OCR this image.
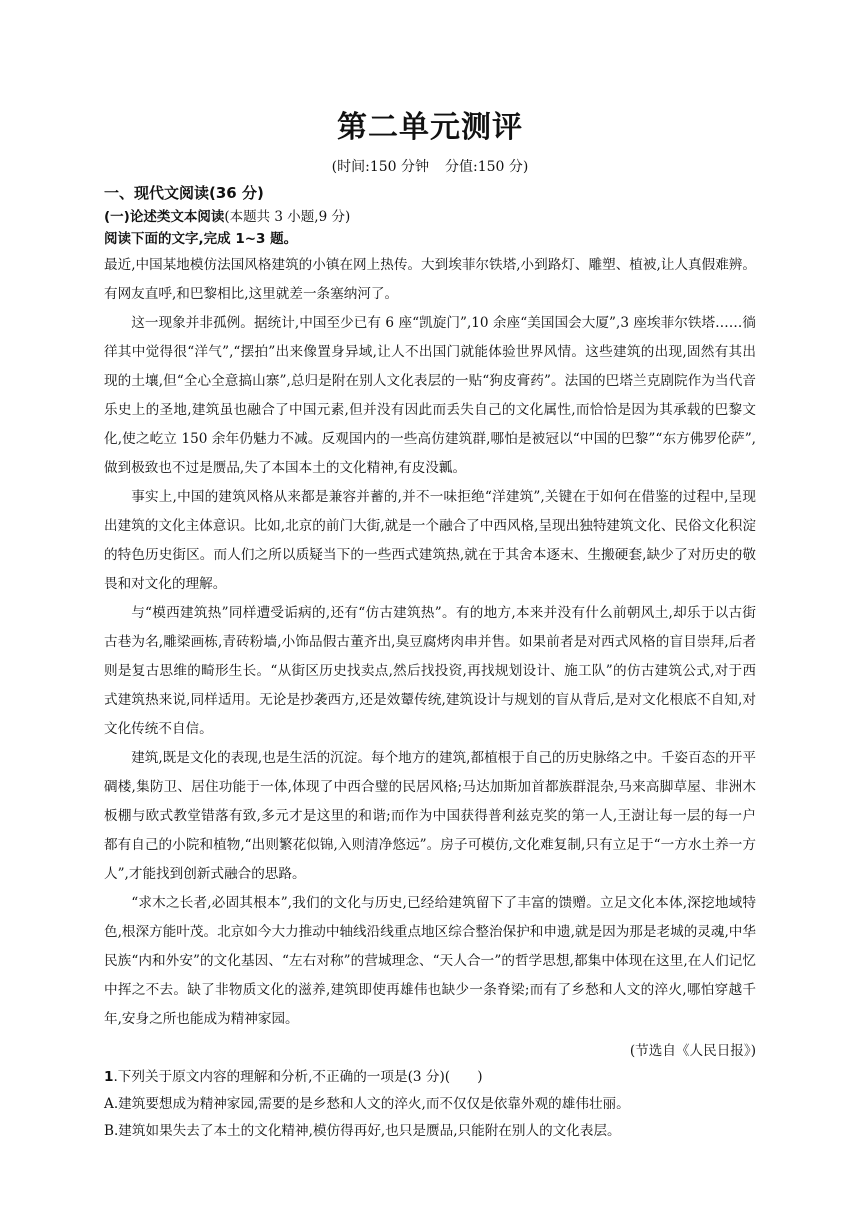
第二单元测评
(时间:150 分钟 分值:150 分)
一、现代文阅读(36 分)
(一)论述类文本阅读(本题共 3 小题,9 分)
阅读下面的文字,完成 1~3 题。

最近,中国某地模仿法国风格建筑的小镇在网上热传。大到埃菲尔铁塔,小到路灯、雕塑、植被,让人真假难辨。有网友直呼,和巴黎相比,这里就差一条塞纳河了。

这一现象并非孤例。据统计,中国至少已有 6 座“凯旋门”,10 余座“美国国会大厦”,3 座埃菲尔铁塔……徜徉其中觉得很“洋气”,“摆拍”出来像置身异域,让人不出国门就能体验世界风情。这些建筑的出现,固然有其出现的土壤,但“全心全意搞山寨”,总归是附在别人文化表层的一贴“狗皮膏药”。法国的巴塔兰克剧院作为当代音乐史上的圣地,建筑虽也融合了中国元素,但并没有因此而丢失自己的文化属性,而恰恰是因为其承载的巴黎文化,使之屹立 150 余年仍魅力不减。反观国内的一些高仿建筑群,哪怕是被冠以“中国的巴黎”“东方佛罗伦萨”,做到极致也不过是赝品,失了本国本土的文化精神,有皮没瓤。

事实上,中国的建筑风格从来都是兼容并蓄的,并不一味拒绝“洋建筑”,关键在于如何在借鉴的过程中,呈现出建筑的文化主体意识。比如,北京的前门大街,就是一个融合了中西风格,呈现出独特建筑文化、民俗文化积淀的特色历史街区。而人们之所以质疑当下的一些西式建筑热,就在于其舍本逐末、生搬硬套,缺少了对历史的敬畏和对文化的理解。

与“模西建筑热”同样遭受诟病的,还有“仿古建筑热”。有的地方,本来并没有什么前朝风土,却乐于以古街古巷为名,雕梁画栋,青砖粉墙,小饰品假古董齐出,臭豆腐烤肉串并售。如果前者是对西式风格的盲目崇拜,后者则是复古思维的畸形生长。“从街区历史找卖点,然后找投资,再找规划设计、施工队”的仿古建筑公式,对于西式建筑热来说,同样适用。无论是抄袭西方,还是效颦传统,建筑设计与规划的盲从背后,是对文化根底不自知,对文化传统不自信。

建筑,既是文化的表现,也是生活的沉淀。每个地方的建筑,都植根于自己的历史脉络之中。千姿百态的开平碉楼,集防卫、居住功能于一体,体现了中西合璧的民居风格;马达加斯加首都族群混杂,马来高脚草屋、非洲木板棚与欧式教堂错落有致,多元才是这里的和谐;而作为中国获得普利兹克奖的第一人,王澍让每一层的每一户都有自己的小院和植物,“出则繁花似锦,入则清净悠远”。房子可模仿,文化难复制,只有立足于“一方水土养一方人”,才能找到创新式融合的思路。

“求木之长者,必固其根本”,我们的文化与历史,已经给建筑留下了丰富的馈赠。立足文化本体,深挖地域特色,根深方能叶茂。北京如今大力推动中轴线沿线重点地区综合整治保护和申遗,就是因为那是老城的灵魂,中华民族“内和外安”的文化基因、“左右对称”的营城理念、“天人合一”的哲学思想,都集中体现在这里,在人们记忆中挥之不去。缺了非物质文化的滋养,建筑即使再雄伟也缺少一条脊梁;而有了乡愁和人文的淬火,哪怕穿越千年,安身之所也能成为精神家园。

(节选自《人民日报》)

1.下列关于原文内容的理解和分析,不正确的一项是(3 分)(　　)

A.建筑要想成为精神家园,需要的是乡愁和人文的淬火,而不仅仅是依靠外观的雄伟壮丽。

B.建筑如果失去了本土的文化精神,模仿得再好,也只是赝品,只能附在别人的文化表层。
